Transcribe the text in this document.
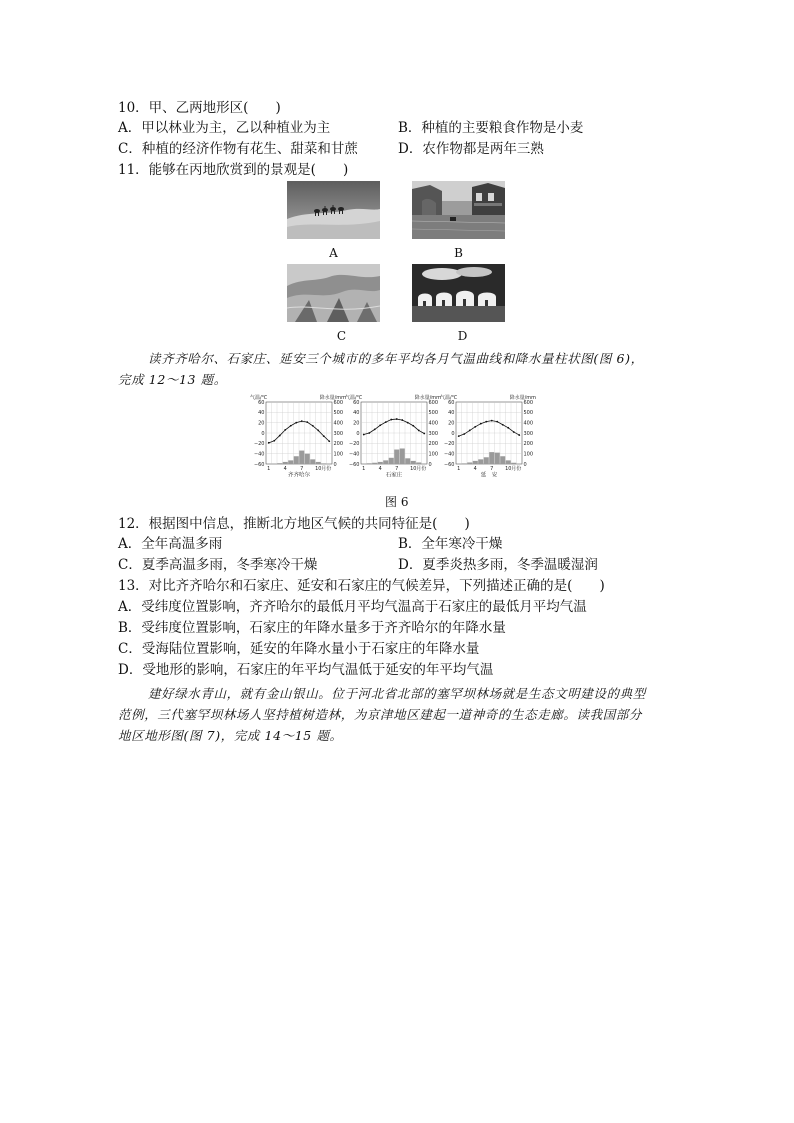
10．甲、乙两地形区(　　)
A．甲以林业为主，乙以种植业为主	B．种植的主要粮食作物是小麦
C．种植的经济作物有花生、甜菜和甘蔗	D．农作物都是两年三熟
11．能够在丙地欣赏到的景观是(　　)
A	B
C	D
读齐齐哈尔、石家庄、延安三个城市的多年平均各月气温曲线和降水量柱状图(图 6)，
完成 12～13 题。
气温/℃	降水量/mm
60
40
20
0
−20
−40
−60
600
500
400
300
200
100
0
1	4	7 10 月份
齐齐哈尔
气温/℃	降水量/mm
60
40
20
0
−20
−40
−60
600
500
400
300
200
100
0
1	4	7 10 月份
石家庄
气温/℃	降水量/mm
60
40
20
0
−20
−40
−60
600
500
400
300
200
100
0
1	4	7 10 月份
延　安
图 6
12．根据图中信息，推断北方地区气候的共同特征是(　　)
A．全年高温多雨	B．全年寒冷干燥
C．夏季高温多雨，冬季寒冷干燥	D．夏季炎热多雨，冬季温暖湿润
13．对比齐齐哈尔和石家庄、延安和石家庄的气候差异，下列描述正确的是(　　)
A．受纬度位置影响，齐齐哈尔的最低月平均气温高于石家庄的最低月平均气温
B．受纬度位置影响，石家庄的年降水量多于齐齐哈尔的年降水量
C．受海陆位置影响，延安的年降水量小于石家庄的年降水量
D．受地形的影响，石家庄的年平均气温低于延安的年平均气温
建好绿水青山，就有金山银山。位于河北省北部的塞罕坝林场就是生态文明建设的典型
范例，三代塞罕坝林场人坚持植树造林，为京津地区建起一道神奇的生态走廊。读我国部分
地区地形图(图 7)，完成 14～15 题。
